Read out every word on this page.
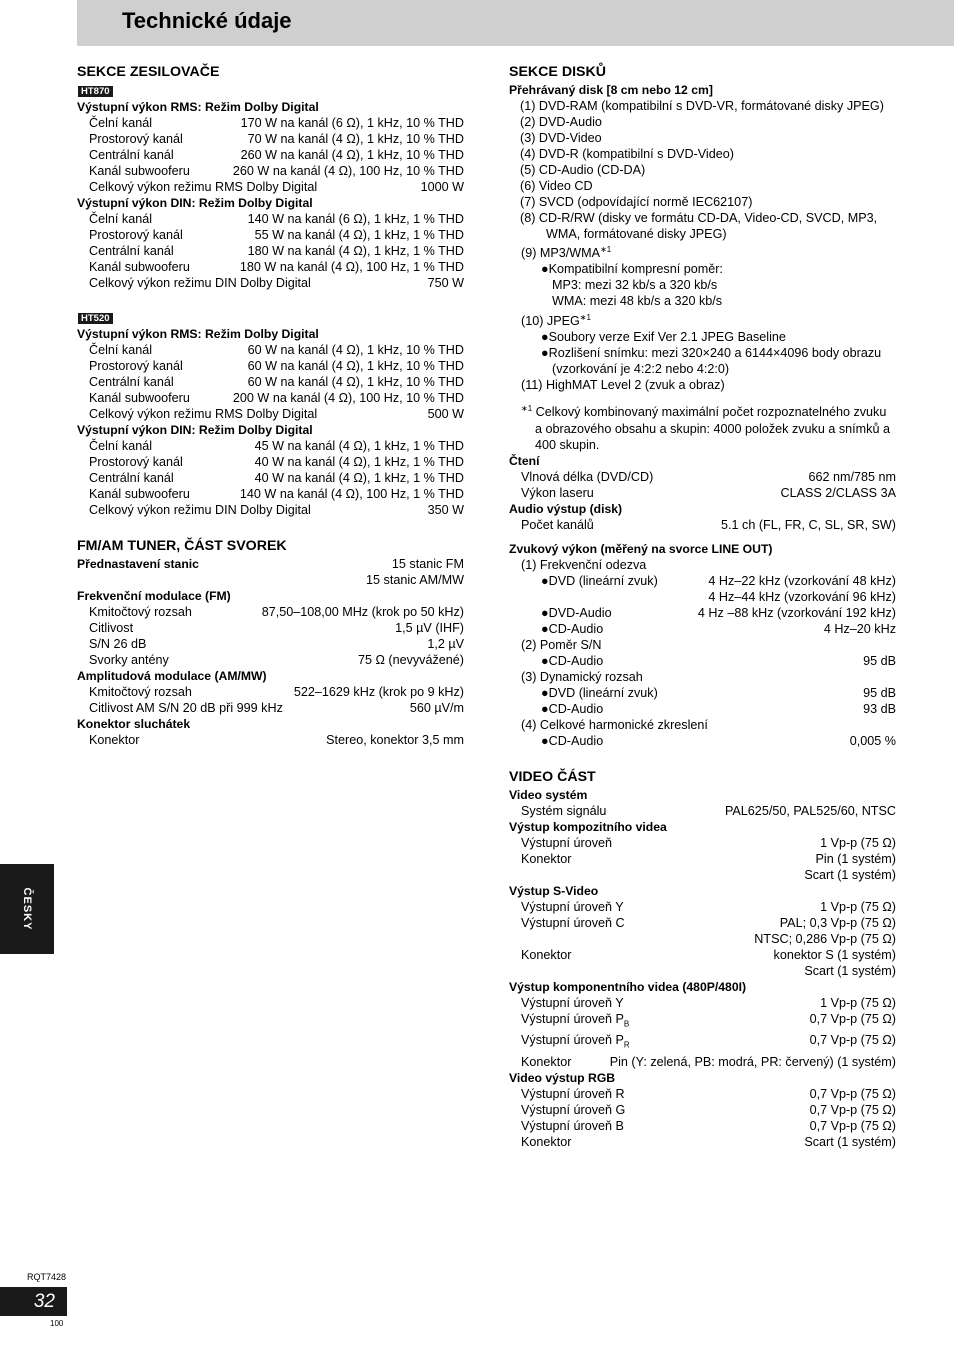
Technické údaje
SEKCE ZESILOVAČE
HT870
Výstupní výkon RMS: Režim Dolby Digital
Čelní kanál	170 W na kanál (6 Ω), 1 kHz, 10 % THD
Prostorový kanál	70 W na kanál (4 Ω), 1 kHz, 10 % THD
Centrální kanál	260 W na kanál (4 Ω), 1 kHz, 10 % THD
Kanál subwooferu	260 W na kanál (4 Ω), 100 Hz, 10 % THD
Celkový výkon režimu RMS Dolby Digital	1000 W
Výstupní výkon DIN: Režim Dolby Digital
Čelní kanál	140 W na kanál (6 Ω), 1 kHz, 1 % THD
Prostorový kanál	55 W na kanál (4 Ω), 1 kHz, 1 % THD
Centrální kanál	180 W na kanál (4 Ω), 1 kHz, 1 % THD
Kanál subwooferu	180 W na kanál (4 Ω), 100 Hz, 1 % THD
Celkový výkon režimu DIN Dolby Digital	750 W
HT520
Výstupní výkon RMS: Režim Dolby Digital
Čelní kanál	60 W na kanál (4 Ω), 1 kHz, 10 % THD
Prostorový kanál	60 W na kanál (4 Ω), 1 kHz, 10 % THD
Centrální kanál	60 W na kanál (4 Ω), 1 kHz, 10 % THD
Kanál subwooferu	200 W na kanál (4 Ω), 100 Hz, 10 % THD
Celkový výkon režimu RMS Dolby Digital	500 W
Výstupní výkon DIN: Režim Dolby Digital
Čelní kanál	45 W na kanál (4 Ω), 1 kHz, 1 % THD
Prostorový kanál	40 W na kanál (4 Ω), 1 kHz, 1 % THD
Centrální kanál	40 W na kanál (4 Ω), 1 kHz, 1 % THD
Kanál subwooferu	140 W na kanál (4 Ω), 100 Hz, 1 % THD
Celkový výkon režimu DIN Dolby Digital	350 W
FM/AM TUNER, ČÁST SVOREK
Přednastavení stanic	15 stanic FM
15 stanic AM/MW
Frekvenční modulace (FM)
Kmitočtový rozsah	87,50–108,00 MHz (krok po 50 kHz)
Citlivost	1,5 µV (IHF)
S/N 26 dB	1,2 µV
Svorky antény	75 Ω (nevyvážené)
Amplitudová modulace (AM/MW)
Kmitočtový rozsah	522–1629 kHz (krok po 9 kHz)
Citlivost AM S/N 20 dB při 999 kHz	560 µV/m
Konektor sluchátek
Konektor	Stereo, konektor 3,5 mm
SEKCE DISKŮ
Přehrávaný disk [8 cm nebo 12 cm]
(1) DVD-RAM (kompatibilní s DVD-VR, formátované disky JPEG)
(2) DVD-Audio
(3) DVD-Video
(4) DVD-R (kompatibilní s DVD-Video)
(5) CD-Audio (CD-DA)
(6) Video CD
(7) SVCD (odpovídající normě IEC62107)
(8) CD-R/RW (disky ve formátu CD-DA, Video-CD, SVCD, MP3, WMA, formátované disky JPEG)
(9) $MP3/WMA^{∗1}$
●Kompatibilní kompresní poměr:
MP3: mezi 32 kb/s a 320 kb/s
WMA: mezi 48 kb/s a 320 kb/s
(10) $JPEG^{∗1}$
●Soubory verze Exif Ver 2.1 JPEG Baseline
●Rozlišení snímku: mezi 320×240 a 6144×4096 body obrazu (vzorkování je 4:2:2 nebo 4:2:0)
(11) HighMAT Level 2 (zvuk a obraz)
$^{∗1}$ Celkový kombinovaný maximální počet rozpoznatelného zvuku a obrazového obsahu a skupin: 4000 položek zvuku a snímků a 400 skupin.
Čtení
Vlnová délka (DVD/CD)	662 nm/785 nm
Výkon laseru	CLASS 2/CLASS 3A
Audio výstup (disk)
Počet kanálů	5.1 ch (FL, FR, C, SL, SR, SW)
Zvukový výkon (měřený na svorce LINE OUT)
(1) Frekvenční odezva
●DVD (lineární zvuk)	4 Hz–22 kHz (vzorkování 48 kHz)
4 Hz–44 kHz (vzorkování 96 kHz)
●DVD-Audio	4 Hz –88 kHz (vzorkování 192 kHz)
●CD-Audio	4 Hz–20 kHz
(2) Poměr S/N
●CD-Audio	95 dB
(3) Dynamický rozsah
●DVD (lineární zvuk)	95 dB
●CD-Audio	93 dB
(4) Celkové harmonické zkreslení
●CD-Audio	0,005 %
VIDEO ČÁST
Video systém
Systém signálu	PAL625/50, PAL525/60, NTSC
Výstup kompozitního videa
Výstupní úroveň	1 Vp-p (75 Ω)
Konektor	Pin (1 systém)
Scart (1 systém)
Výstup S-Video
Výstupní úroveň Y	1 Vp-p (75 Ω)
Výstupní úroveň C	PAL; 0,3 Vp-p (75 Ω)
NTSC; 0,286 Vp-p (75 Ω)
Konektor	konektor S (1 systém)
Scart (1 systém)
Výstup komponentního videa (480P/480I)
Výstupní úroveň Y	1 Vp-p (75 Ω)
Výstupní úroveň $P_B$	0,7 Vp-p (75 Ω)
Výstupní úroveň $P_R$	0,7 Vp-p (75 Ω)
Konektor	Pin (Y: zelená, PB: modrá, PR: červený) (1 systém)
Video výstup RGB
Výstupní úroveň R	0,7 Vp-p (75 Ω)
Výstupní úroveň G	0,7 Vp-p (75 Ω)
Výstupní úroveň B	0,7 Vp-p (75 Ω)
Konektor	Scart (1 systém)
ČESKY
RQT7428
32
100
